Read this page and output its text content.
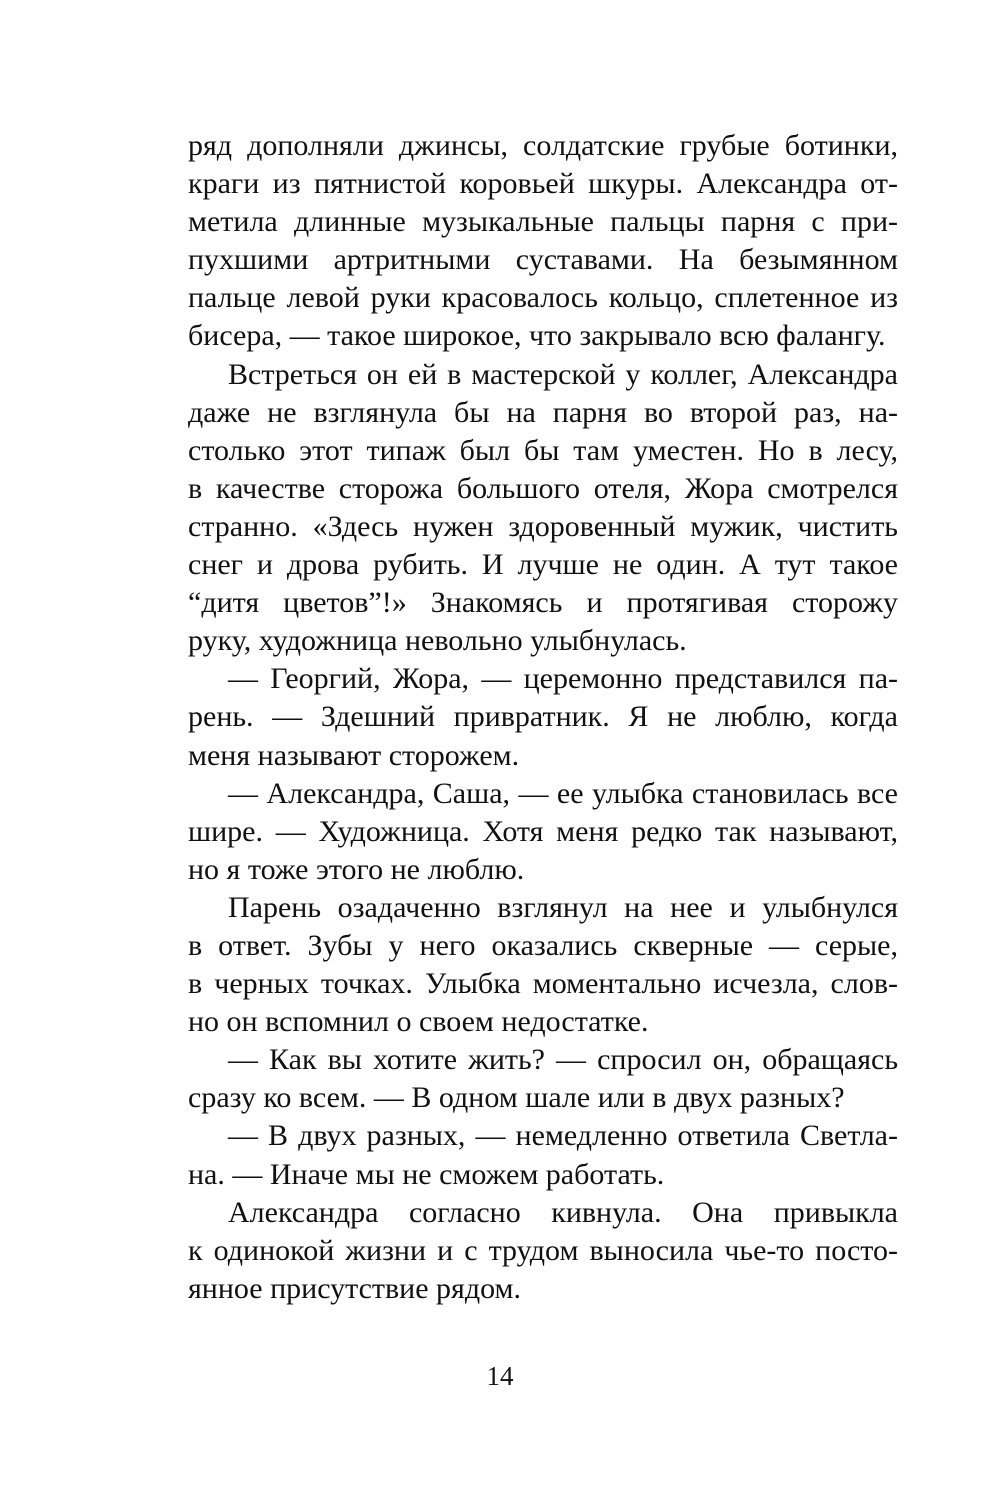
ряд дополняли джинсы, солдатские грубые ботинки,
краги из пятнистой коровьей шкуры. Александра от-
метила длинные музыкальные пальцы парня с при-
пухшими артритными суставами. На безымянном
пальце левой руки красовалось кольцо, сплетенное из
бисера, — такое широкое, что закрывало всю фалангу.
Встреться он ей в мастерской у коллег, Александра
даже не взглянула бы на парня во второй раз, на-
столько этот типаж был бы там уместен. Но в лесу,
в качестве сторожа большого отеля, Жора смотрелся
странно. «Здесь нужен здоровенный мужик, чистить
снег и дрова рубить. И лучше не один. А тут такое
“дитя цветов”!» Знакомясь и протягивая сторожу
руку, художница невольно улыбнулась.
— Георгий, Жора, — церемонно представился па-
рень. — Здешний привратник. Я не люблю, когда
меня называют сторожем.
— Александра, Саша, — ее улыбка становилась все
шире. — Художница. Хотя меня редко так называют,
но я тоже этого не люблю.
Парень озадаченно взглянул на нее и улыбнулся
в ответ. Зубы у него оказались скверные — серые,
в черных точках. Улыбка моментально исчезла, слов-
но он вспомнил о своем недостатке.
— Как вы хотите жить? — спросил он, обращаясь
сразу ко всем. — В одном шале или в двух разных?
— В двух разных, — немедленно ответила Светла-
на. — Иначе мы не сможем работать.
Александра согласно кивнула. Она привыкла
к одинокой жизни и с трудом выносила чье-то посто-
янное присутствие рядом.
14
